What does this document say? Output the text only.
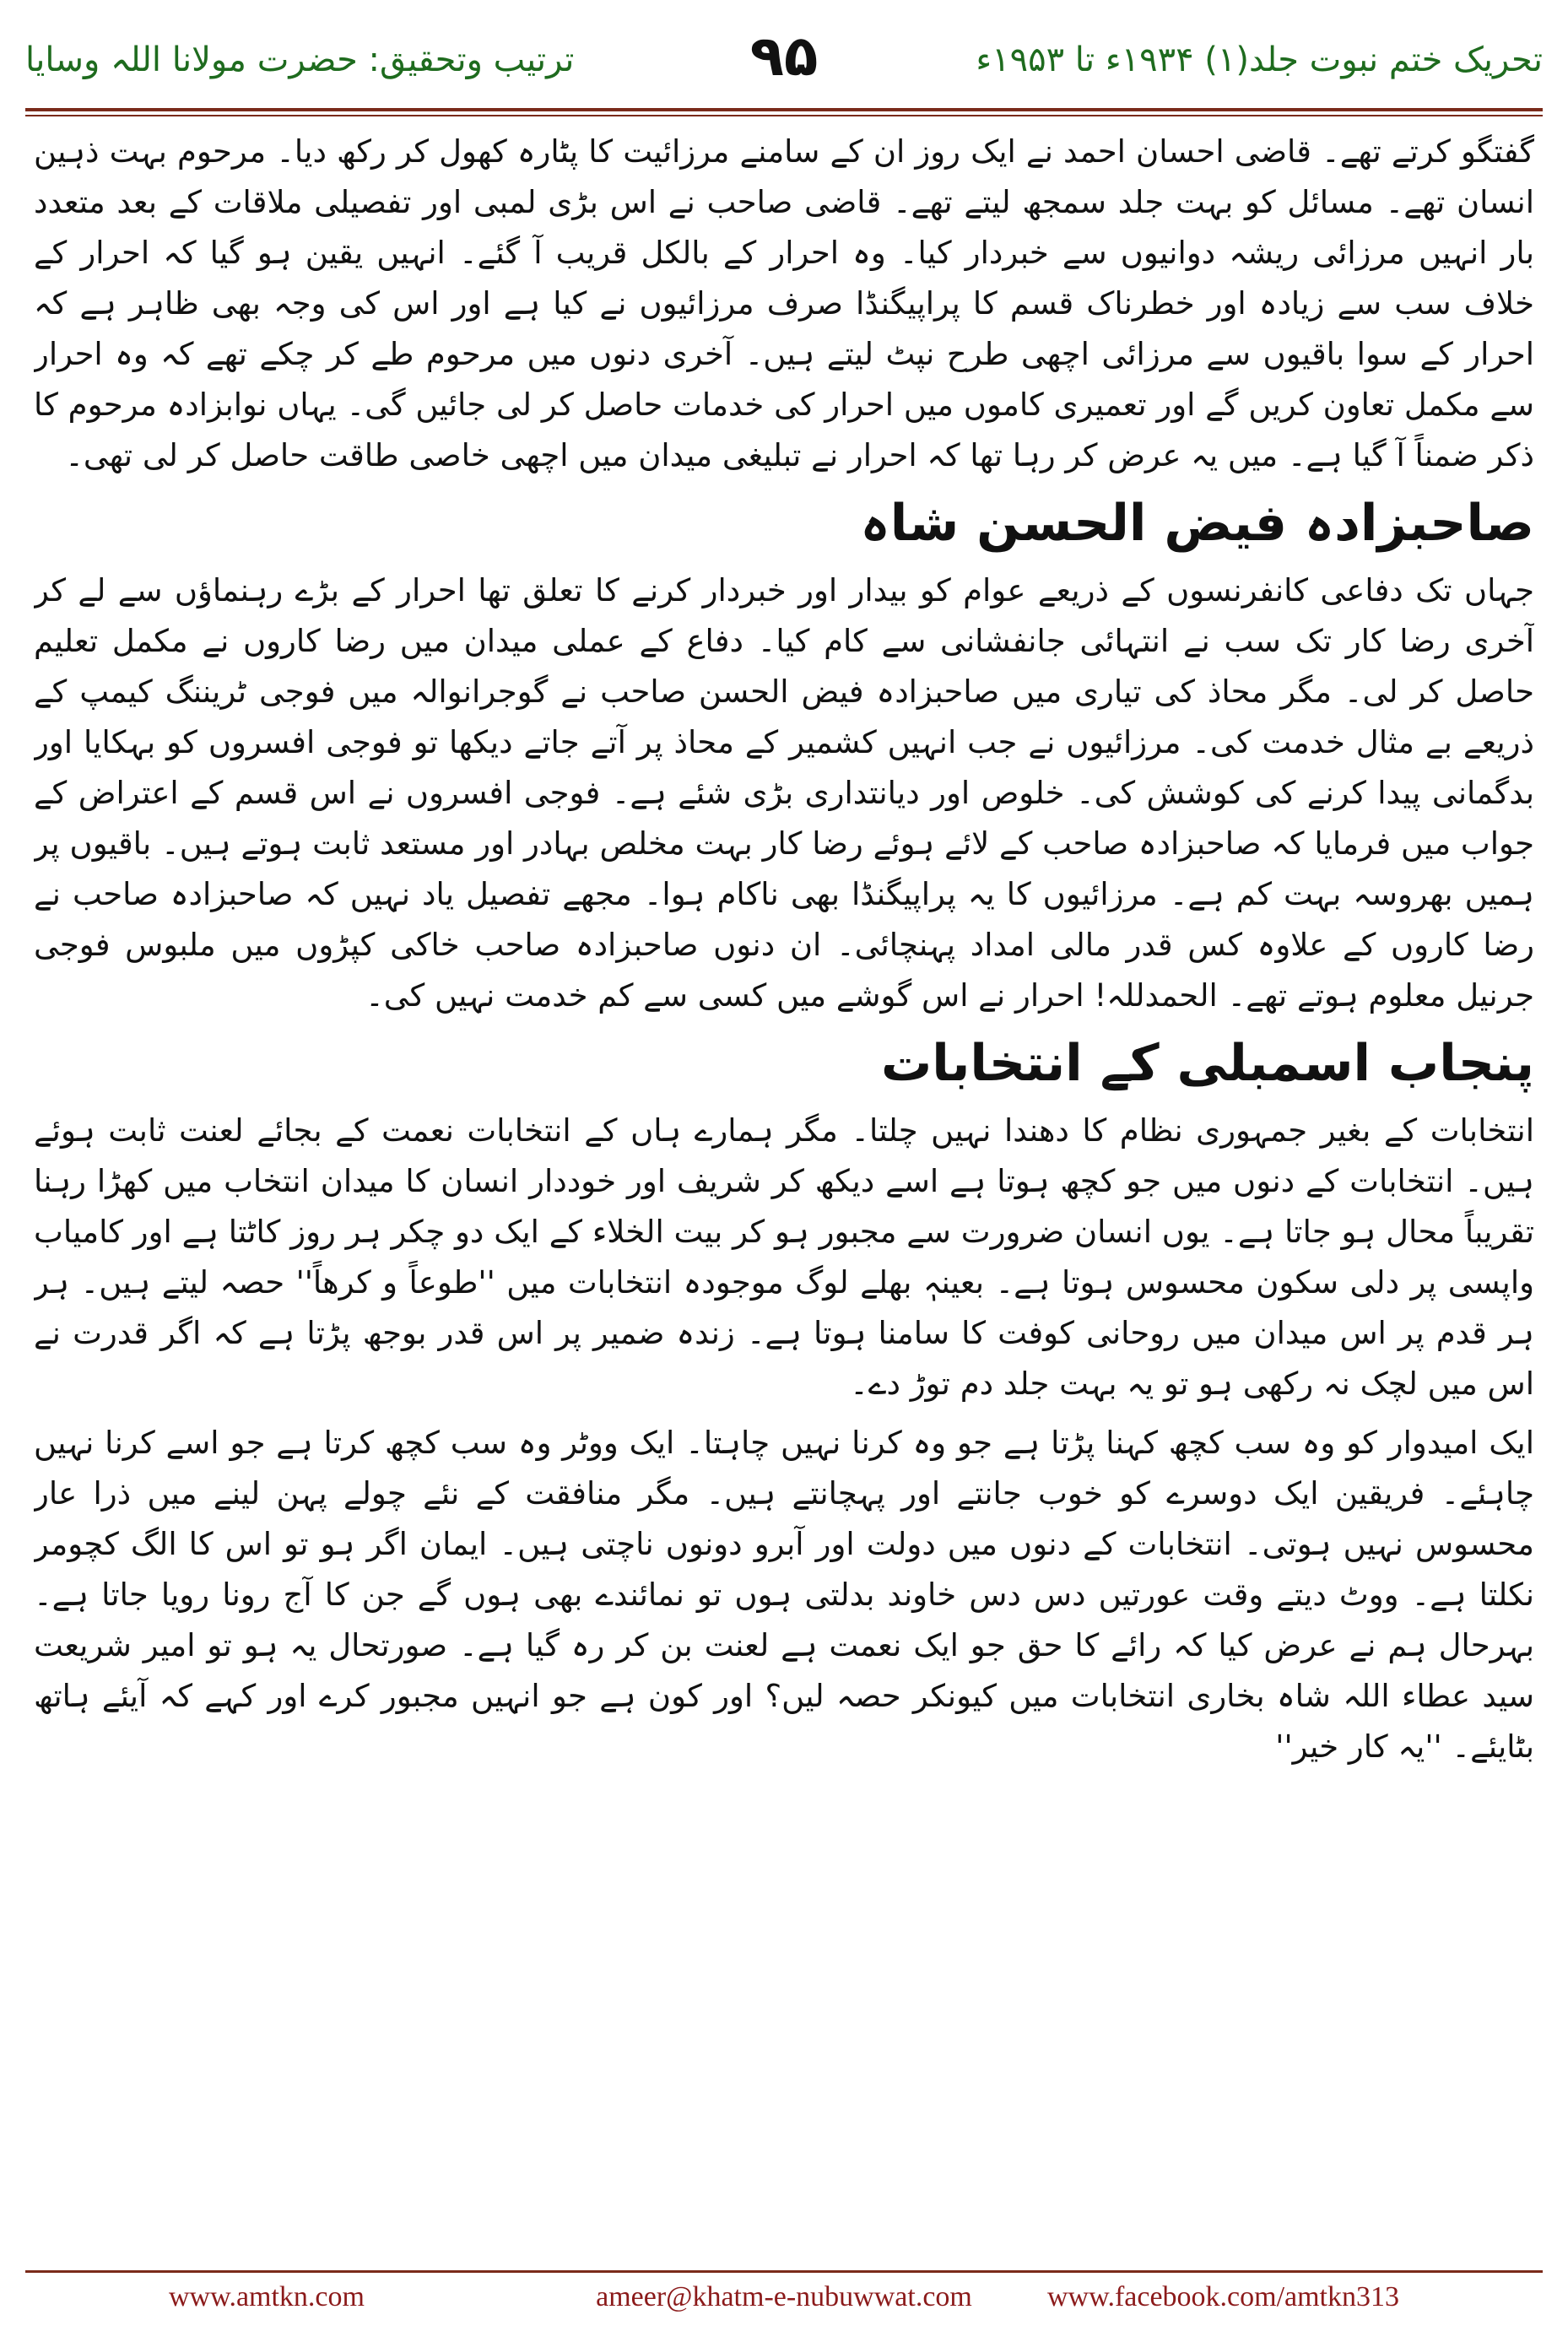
ترتیب وتحقیق: حضرت مولانا اللہ وسایا	۹۵	تحریک ختم نبوت جلد(۱) ۱۹۳۴ء تا ۱۹۵۳ء

گفتگو کرتے تھے۔ قاضی احسان احمد نے ایک روز ان کے سامنے مرزائیت کا پٹارہ کھول کر رکھ دیا۔ مرحوم بہت ذہین انسان تھے۔ مسائل کو بہت جلد سمجھ لیتے تھے۔ قاضی صاحب نے اس بڑی لمبی اور تفصیلی ملاقات کے بعد متعدد بار انہیں مرزائی ریشہ دوانیوں سے خبردار کیا۔ وہ احرار کے بالکل قریب آ گئے۔ انہیں یقین ہو گیا کہ احرار کے خلاف سب سے زیادہ اور خطرناک قسم کا پراپیگنڈا صرف مرزائیوں نے کیا ہے اور اس کی وجہ بھی ظاہر ہے کہ احرار کے سوا باقیوں سے مرزائی اچھی طرح نپٹ لیتے ہیں۔ آخری دنوں میں مرحوم طے کر چکے تھے کہ وہ احرار سے مکمل تعاون کریں گے اور تعمیری کاموں میں احرار کی خدمات حاصل کر لی جائیں گی۔ یہاں نوابزادہ مرحوم کا ذکر ضمناً آ گیا ہے۔ میں یہ عرض کر رہا تھا کہ احرار نے تبلیغی میدان میں اچھی خاصی طاقت حاصل کر لی تھی۔

صاحبزادہ فیض الحسن شاہ

جہاں تک دفاعی کانفرنسوں کے ذریعے عوام کو بیدار اور خبردار کرنے کا تعلق تھا احرار کے بڑے رہنماؤں سے لے کر آخری رضا کار تک سب نے انتہائی جانفشانی سے کام کیا۔ دفاع کے عملی میدان میں رضا کاروں نے مکمل تعلیم حاصل کر لی۔ مگر محاذ کی تیاری میں صاحبزادہ فیض الحسن صاحب نے گوجرانوالہ میں فوجی ٹریننگ کیمپ کے ذریعے بے مثال خدمت کی۔ مرزائیوں نے جب انہیں کشمیر کے محاذ پر آتے جاتے دیکھا تو فوجی افسروں کو بہکایا اور بدگمانی پیدا کرنے کی کوشش کی۔ خلوص اور دیانتداری بڑی شئے ہے۔ فوجی افسروں نے اس قسم کے اعتراض کے جواب میں فرمایا کہ صاحبزادہ صاحب کے لائے ہوئے رضا کار بہت مخلص بہادر اور مستعد ثابت ہوتے ہیں۔ باقیوں پر ہمیں بھروسہ بہت کم ہے۔ مرزائیوں کا یہ پراپیگنڈا بھی ناکام ہوا۔ مجھے تفصیل یاد نہیں کہ صاحبزادہ صاحب نے رضا کاروں کے علاوہ کس قدر مالی امداد پہنچائی۔ ان دنوں صاحبزادہ صاحب خاکی کپڑوں میں ملبوس فوجی جرنیل معلوم ہوتے تھے۔ الحمدللہ! احرار نے اس گوشے میں کسی سے کم خدمت نہیں کی۔

پنجاب اسمبلی کے انتخابات

انتخابات کے بغیر جمہوری نظام کا دھندا نہیں چلتا۔ مگر ہمارے ہاں کے انتخابات نعمت کے بجائے لعنت ثابت ہوئے ہیں۔ انتخابات کے دنوں میں جو کچھ ہوتا ہے اسے دیکھ کر شریف اور خوددار انسان کا میدان انتخاب میں کھڑا رہنا تقریباً محال ہو جاتا ہے۔ یوں انسان ضرورت سے مجبور ہو کر بیت الخلاء کے ایک دو چکر ہر روز کاٹتا ہے اور کامیاب واپسی پر دلی سکون محسوس ہوتا ہے۔ بعینہٖ بھلے لوگ موجودہ انتخابات میں ''طوعاً و کرھاً'' حصہ لیتے ہیں۔ ہر ہر قدم پر اس میدان میں روحانی کوفت کا سامنا ہوتا ہے۔ زندہ ضمیر پر اس قدر بوجھ پڑتا ہے کہ اگر قدرت نے اس میں لچک نہ رکھی ہو تو یہ بہت جلد دم توڑ دے۔

ایک امیدوار کو وہ سب کچھ کہنا پڑتا ہے جو وہ کرنا نہیں چاہتا۔ ایک ووٹر وہ سب کچھ کرتا ہے جو اسے کرنا نہیں چاہئے۔ فریقین ایک دوسرے کو خوب جانتے اور پہچانتے ہیں۔ مگر منافقت کے نئے چولے پہن لینے میں ذرا عار محسوس نہیں ہوتی۔ انتخابات کے دنوں میں دولت اور آبرو دونوں ناچتی ہیں۔ ایمان اگر ہو تو اس کا الگ کچومر نکلتا ہے۔ ووٹ دیتے وقت عورتیں دس دس خاوند بدلتی ہوں تو نمائندے بھی ہوں گے جن کا آج رونا رویا جاتا ہے۔ بہرحال ہم نے عرض کیا کہ رائے کا حق جو ایک نعمت ہے لعنت بن کر رہ گیا ہے۔ صورتحال یہ ہو تو امیر شریعت سید عطاء اللہ شاہ بخاری انتخابات میں کیونکر حصہ لیں؟ اور کون ہے جو انہیں مجبور کرے اور کہے کہ آیئے ہاتھ بٹایئے۔ ''یہ کار خیر''

www.amtkn.com	ameer@khatm-e-nubuwwat.com	www.facebook.com/amtkn313
